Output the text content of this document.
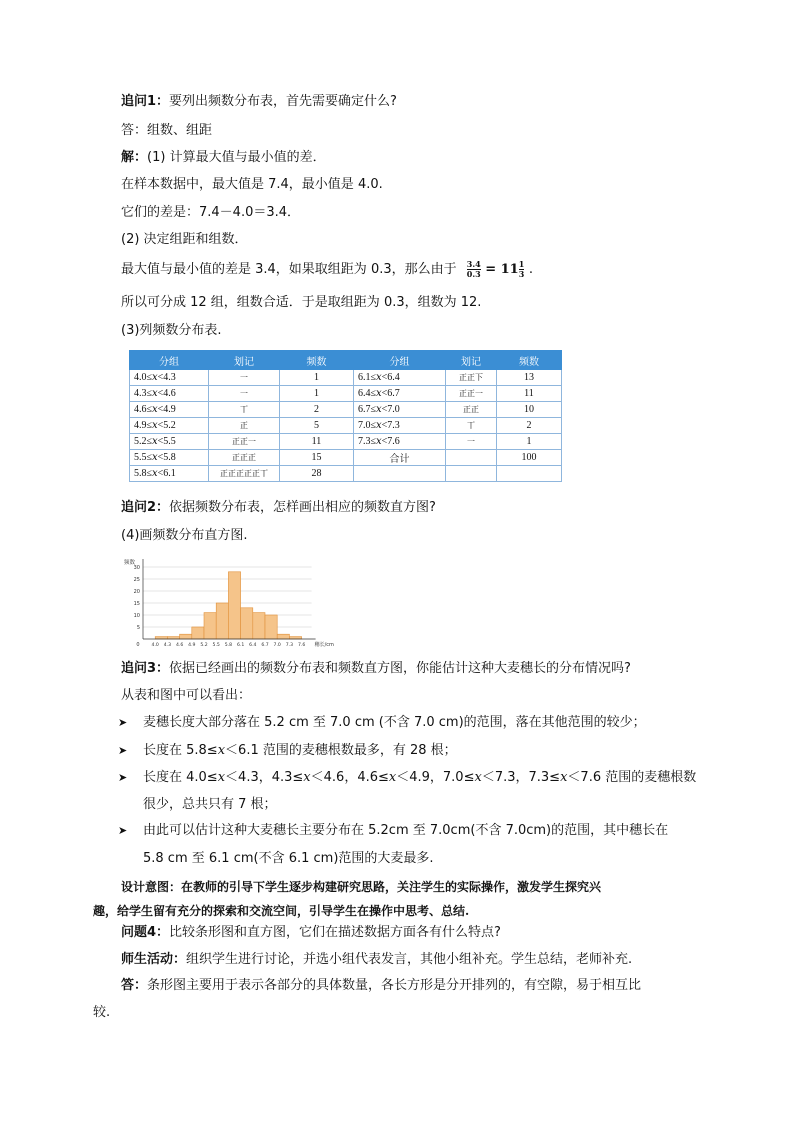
追问1：要列出频数分布表，首先需要确定什么?
答：组数、组距
解：(1) 计算最大值与最小值的差．
在样本数据中，最大值是 7.4，最小值是 4.0.
它们的差是：7.4－4.0＝3.4．
(2) 决定组距和组数．
最大值与最小值的差是 3.4，如果取组距为 0.3，那么由于 $\frac{3.4}{0.3} = 11 \frac{1}{3}$ .
所以可分成 12 组，组数合适．于是取组距为 0.3，组数为 12.
(3)列频数分布表.
分组	划记	频数	分组	划记	频数
4.0≤x<4.3	一	1	6.1≤x<6.4	正正下	13
4.3≤x<4.6	一	1	6.4≤x<6.7	正正一	11
4.6≤x<4.9	丅	2	6.7≤x<7.0	正正	10
4.9≤x<5.2	正	5	7.0≤x<7.3	丅	2
5.2≤x<5.5	正正一	11	7.3≤x<7.6	一	1
5.5≤x<5.8	正正正	15	合计		100
5.8≤x<6.1	正正正正正丅	28			
追问2：依据频数分布表，怎样画出相应的频数直方图?
(4)画频数分布直方图.
5
10
15
20
25
30
4.0 4.3 4.6 4.9 5.2 5.5 5.8 6.1 6.4 6.7 7.0 7.3 7.6
0
频数
穗长/cm
追问3：依据已经画出的频数分布表和频数直方图，你能估计这种大麦穗长的分布情况吗?
从表和图中可以看出：
➤ 麦穗长度大部分落在 5.2 cm 至 7.0 cm (不含 7.0 cm)的范围，落在其他范围的较少；
➤ 长度在 5.8≤x＜6.1 范围的麦穗根数最多，有 28 根；
➤ 长度在 4.0≤x＜4.3，4.3≤x＜4.6，4.6≤x＜4.9，7.0≤x＜7.3，7.3≤x＜7.6 范围的麦穗根数
很少，总共只有 7 根；
➤ 由此可以估计这种大麦穗长主要分布在 5.2cm 至 7.0cm(不含 7.0cm)的范围，其中穗长在
5.8 cm 至 6.1 cm(不含 6.1 cm)范围的大麦最多.
设计意图：在教师的引导下学生逐步构建研究思路，关注学生的实际操作，激发学生探究兴
趣，给学生留有充分的探索和交流空间，引导学生在操作中思考、总结.
问题4：比较条形图和直方图，它们在描述数据方面各有什么特点?
师生活动：组织学生进行讨论，并选小组代表发言，其他小组补充。学生总结，老师补充.
答：条形图主要用于表示各部分的具体数量，各长方形是分开排列的，有空隙，易于相互比
较.
